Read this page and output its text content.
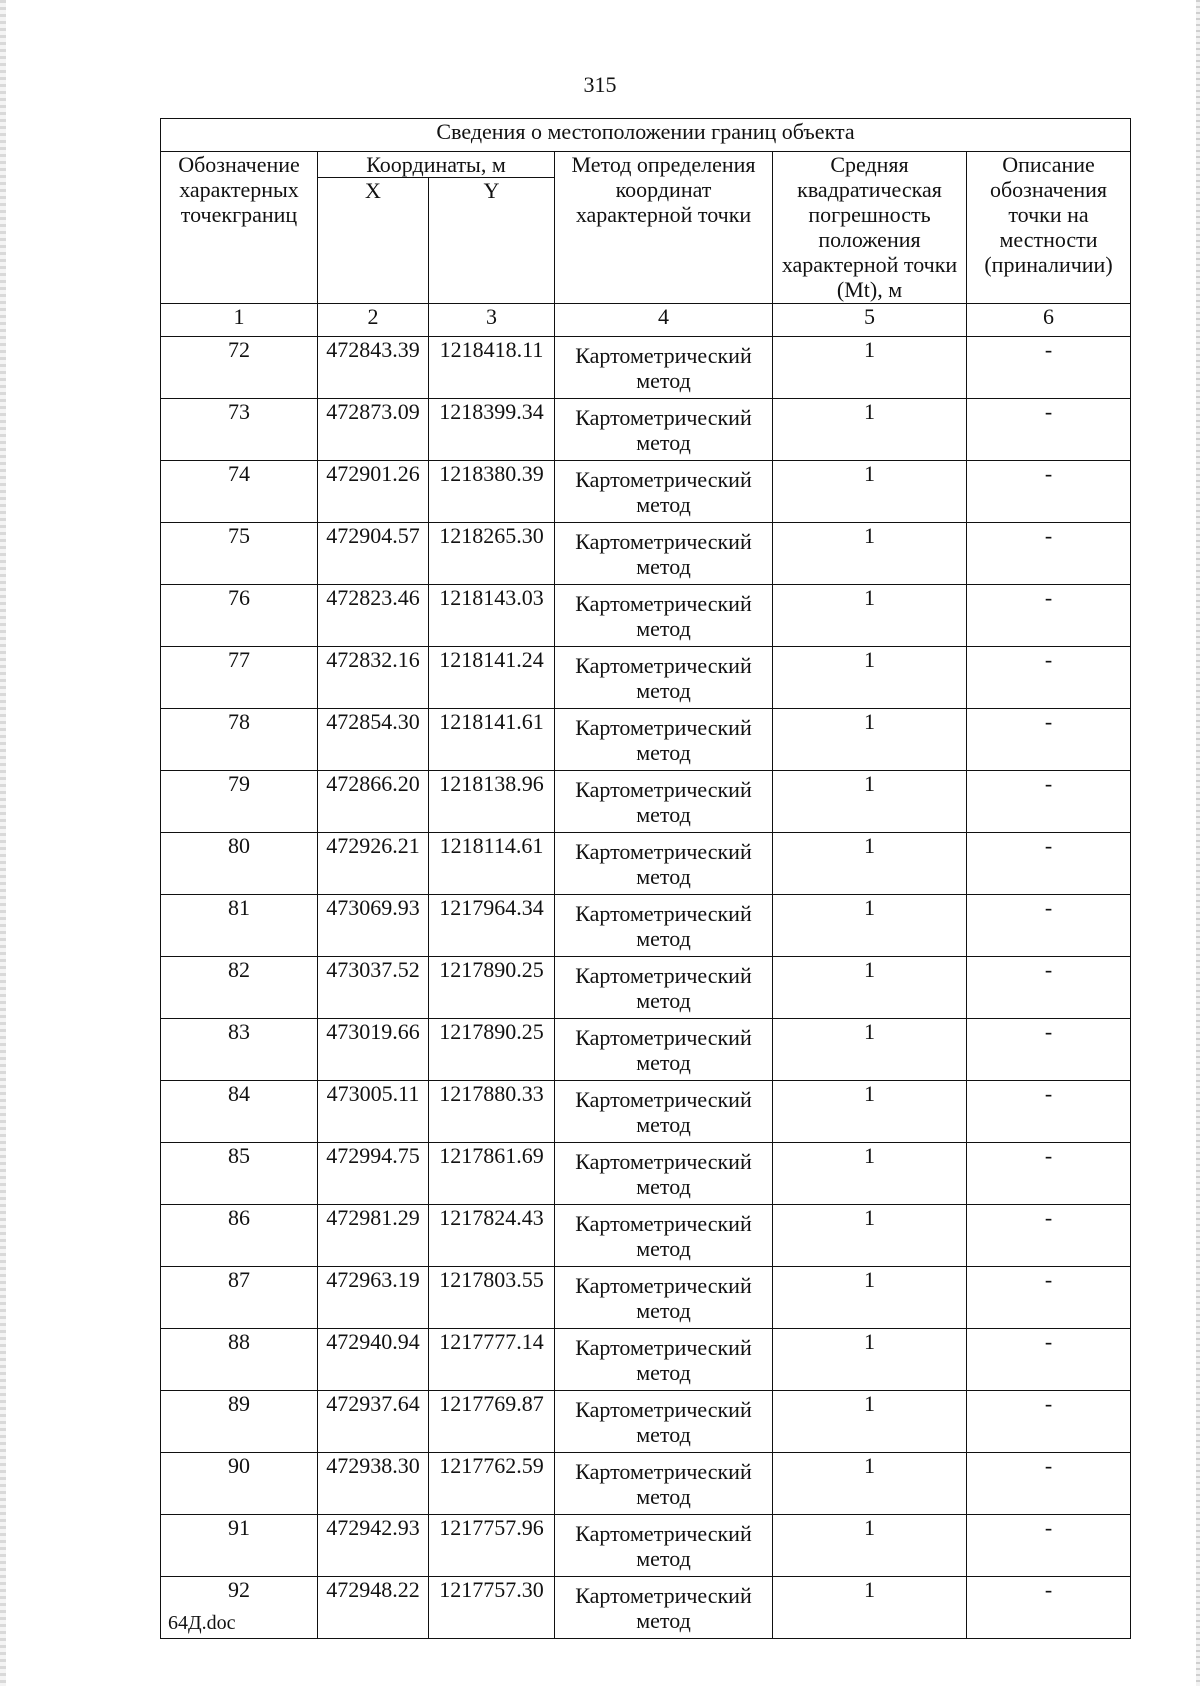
315
Сведения о местоположении границ объекта					
Обозначение характерных точекграниц	Координаты, м		Метод определения координат характерной точки	Средняя квадратическая погрешность положения характерной точки (Mt), м	Описание обозначения точки на местности (приналичии)
	X	Y			
1	2	3	4	5	6
72	472843.39	1218418.11	Картометрический метод	1	-
73	472873.09	1218399.34	Картометрический метод	1	-
74	472901.26	1218380.39	Картометрический метод	1	-
75	472904.57	1218265.30	Картометрический метод	1	-
76	472823.46	1218143.03	Картометрический метод	1	-
77	472832.16	1218141.24	Картометрический метод	1	-
78	472854.30	1218141.61	Картометрический метод	1	-
79	472866.20	1218138.96	Картометрический метод	1	-
80	472926.21	1218114.61	Картометрический метод	1	-
81	473069.93	1217964.34	Картометрический метод	1	-
82	473037.52	1217890.25	Картометрический метод	1	-
83	473019.66	1217890.25	Картометрический метод	1	-
84	473005.11	1217880.33	Картометрический метод	1	-
85	472994.75	1217861.69	Картометрический метод	1	-
86	472981.29	1217824.43	Картометрический метод	1	-
87	472963.19	1217803.55	Картометрический метод	1	-
88	472940.94	1217777.14	Картометрический метод	1	-
89	472937.64	1217769.87	Картометрический метод	1	-
90	472938.30	1217762.59	Картометрический метод	1	-
91	472942.93	1217757.96	Картометрический метод	1	-
92	472948.22	1217757.30	Картометрический метод	1	-
64Д.doc
